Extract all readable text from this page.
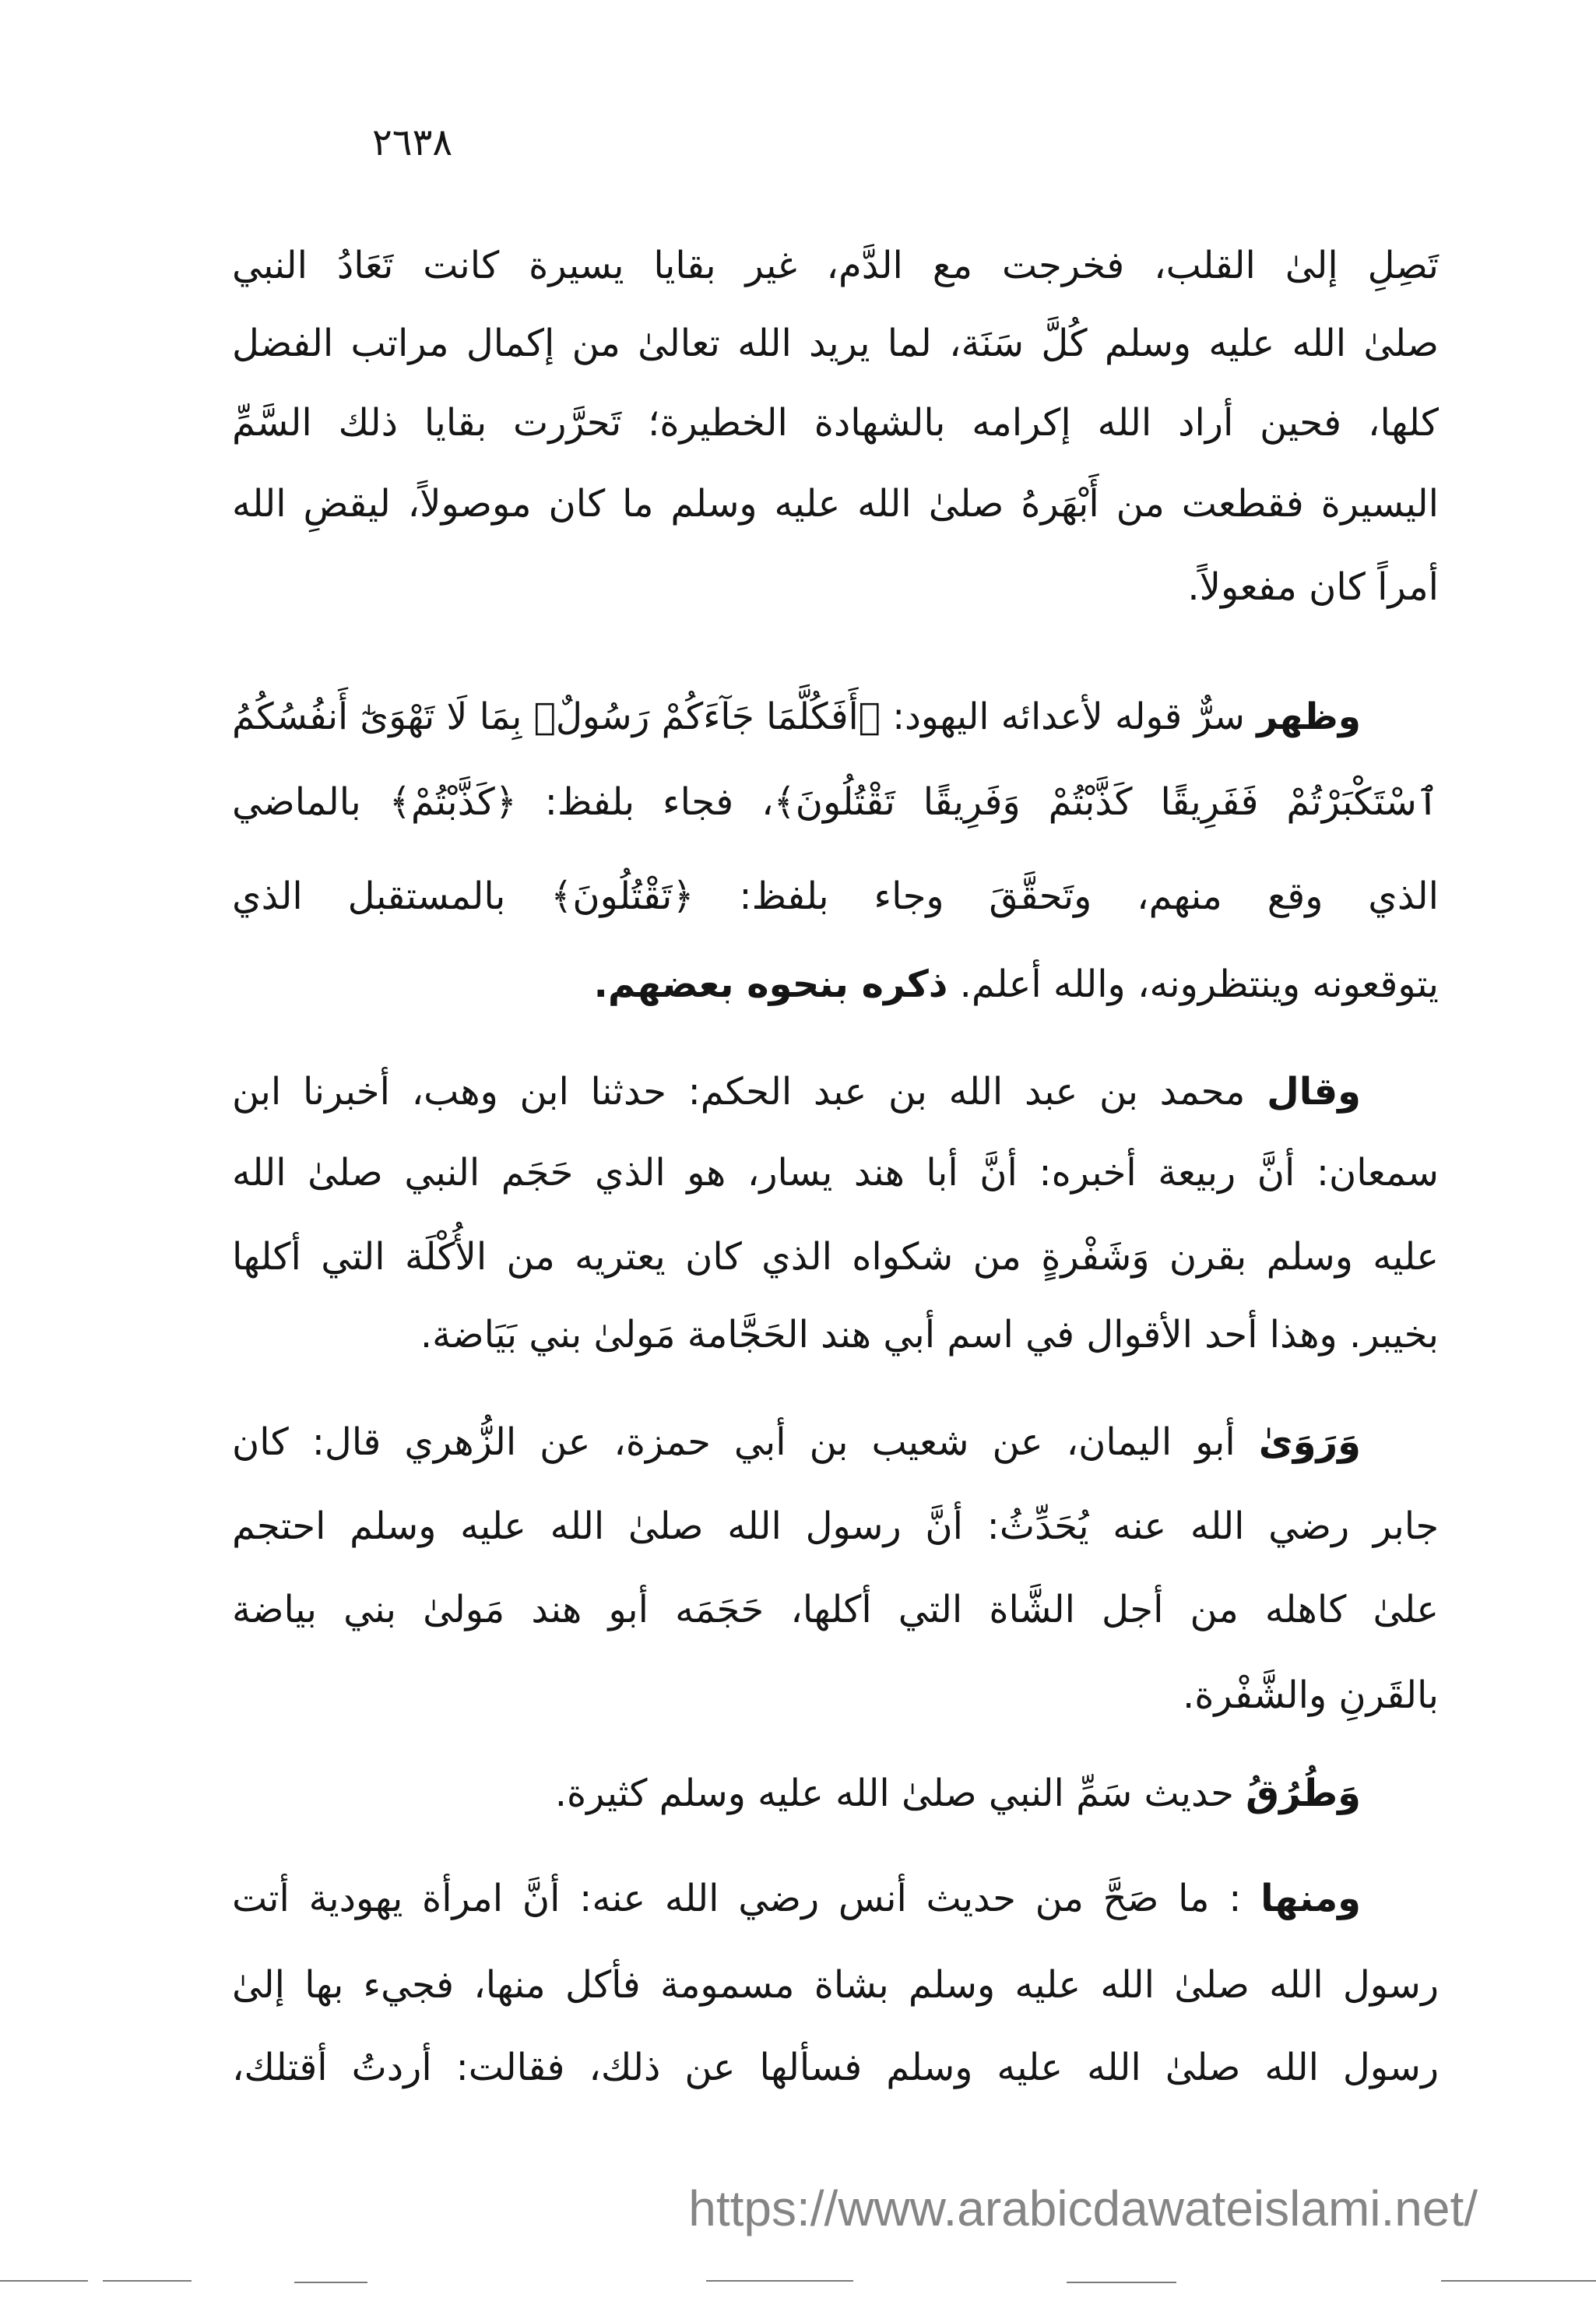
٢٦٣٨
تَصِلِ إلىٰ القلب، فخرجت مع الدَّم، غير بقايا يسيرة كانت تَعَادُ النبي
صلىٰ الله عليه وسلم كُلَّ سَنَة، لما يريد الله تعالىٰ من إكمال مراتب الفضل
كلها، فحين أراد الله إكرامه بالشهادة الخطيرة؛ تَحرَّرت بقايا ذلك السَّمِّ
اليسيرة فقطعت من أَبْهَرهُ صلىٰ الله عليه وسلم ما كان موصولاً، ليقضِ الله
أمراً كان مفعولاً.
وظهر سرٌّ قوله لأعدائه اليهود: ﴿أَفَكُلَّمَا جَآءَكُمْ رَسُولٌۢ بِمَا لَا تَهْوَىٰٓ أَنفُسُكُمُ
ٱسْتَكْبَرْتُمْ فَفَرِيقًا كَذَّبْتُمْ وَفَرِيقًا تَقْتُلُونَ﴾، فجاء بلفظ: ﴿كَذَّبْتُمْ﴾ بالماضي
الذي وقع منهم، وتَحقَّقَ وجاء بلفظ: ﴿تَقْتُلُونَ﴾ بالمستقبل الذي
يتوقعونه وينتظرونه، والله أعلم. ذكره بنحوه بعضهم.
وقال محمد بن عبد الله بن عبد الحكم: حدثنا ابن وهب، أخبرنا ابن
سمعان: أنَّ ربيعة أخبره: أنَّ أبا هند يسار، هو الذي حَجَم النبي صلىٰ الله
عليه وسلم بقرن وَشَفْرةٍ من شكواه الذي كان يعتريه من الأُكْلَة التي أكلها
بخيبر. وهذا أحد الأقوال في اسم أبي هند الحَجَّامة مَولىٰ بني بَيَاضة.
وَرَوَىٰ أبو اليمان، عن شعيب بن أبي حمزة، عن الزُّهري قال: كان
جابر رضي الله عنه يُحَدِّثُ: أنَّ رسول الله صلىٰ الله عليه وسلم احتجم
علىٰ كاهله من أجل الشَّاة التي أكلها، حَجَمَه أبو هند مَولىٰ بني بياضة
بالقَرنِ والشَّفْرة.
وَطُرُقُ حديث سَمِّ النبي صلىٰ الله عليه وسلم كثيرة.
ومنها : ما صَحَّ من حديث أنس رضي الله عنه: أنَّ امرأة يهودية أتت
رسول الله صلىٰ الله عليه وسلم بشاة مسمومة فأكل منها، فجيء بها إلىٰ
رسول الله صلىٰ الله عليه وسلم فسألها عن ذلك، فقالت: أردتُ أقتلك،
https://www.arabicdawateislami.net/
